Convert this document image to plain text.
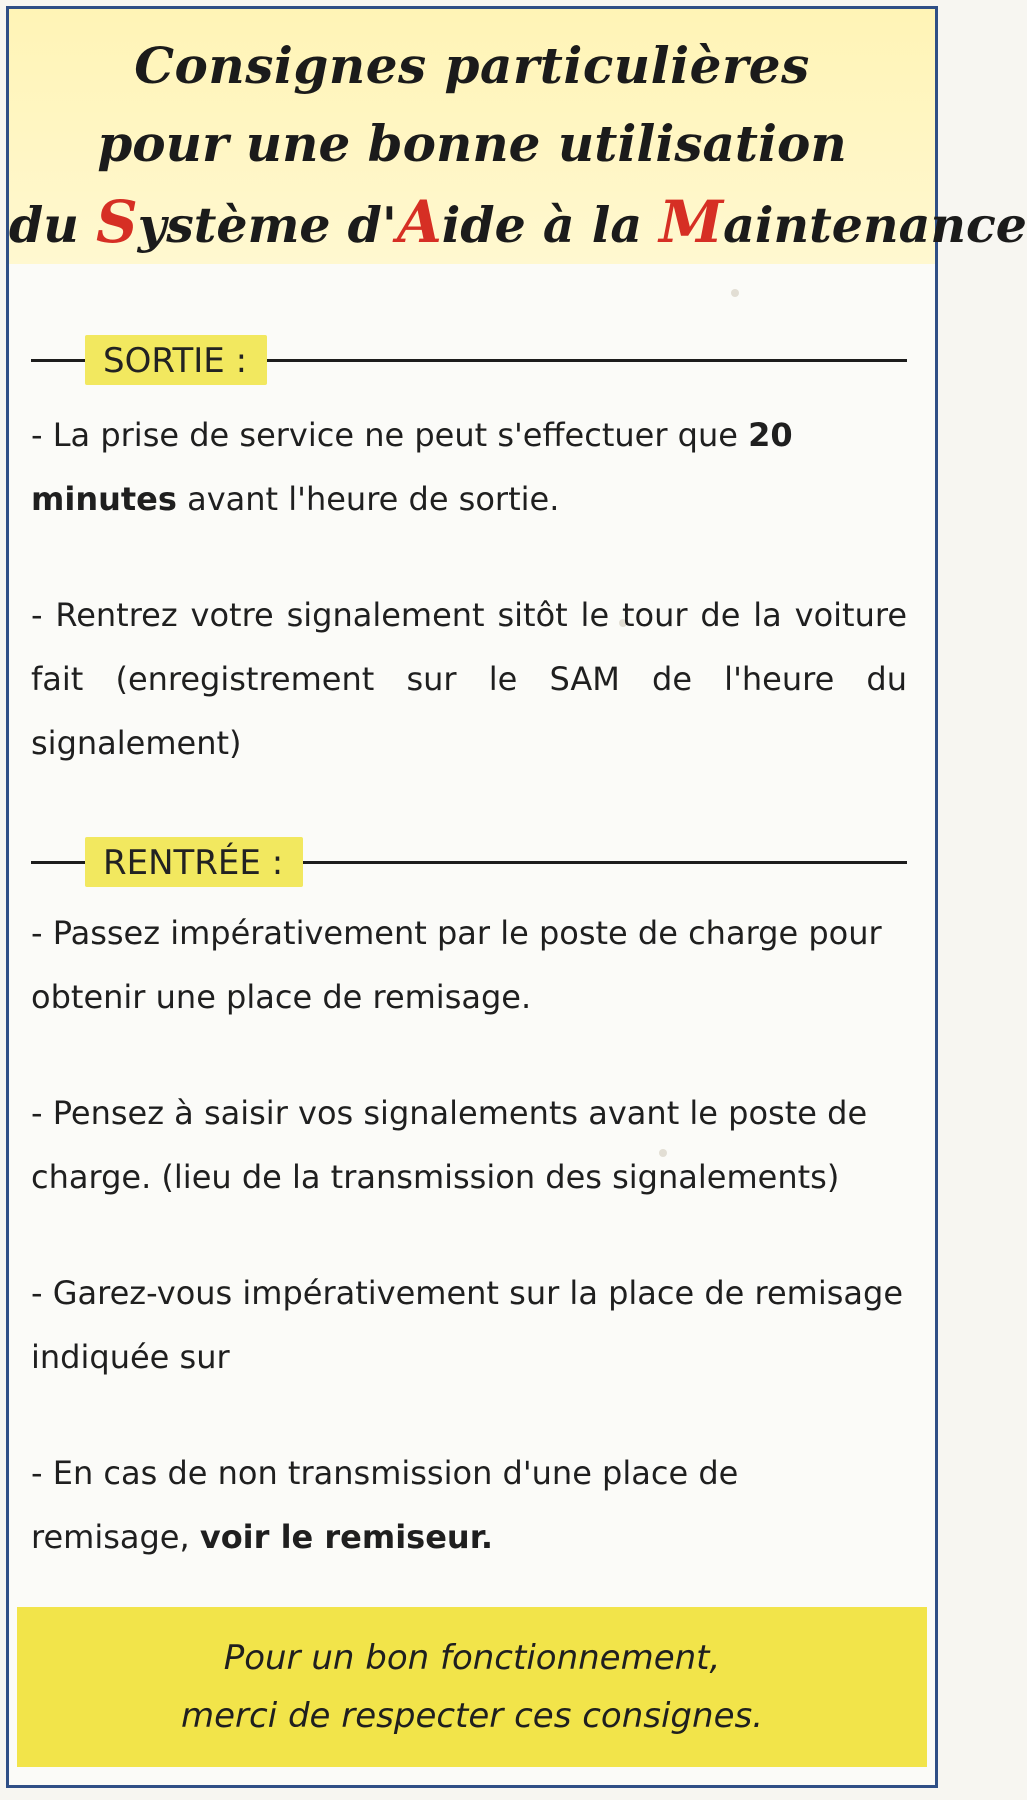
Consignes particulières
pour une bonne utilisation
du Système d'Aide à la Maintenance
SORTIE :

- La prise de service ne peut s'effectuer que 20 minutes avant l'heure de sortie.

- Rentrez votre signalement sitôt le tour de la voiture fait (enregistrement sur le SAM de l'heure du signalement)

RENTRÉE :

- Passez impérativement par le poste de charge pour obtenir une place de remisage.

- Pensez à saisir vos signalements avant le poste de charge. (lieu de la transmission des signalements)

- Garez-vous impérativement sur la place de remisage indiquée sur

- En cas de non transmission d'une place de remisage, voir le remiseur.

Pour un bon fonctionnement,
merci de respecter ces consignes.
